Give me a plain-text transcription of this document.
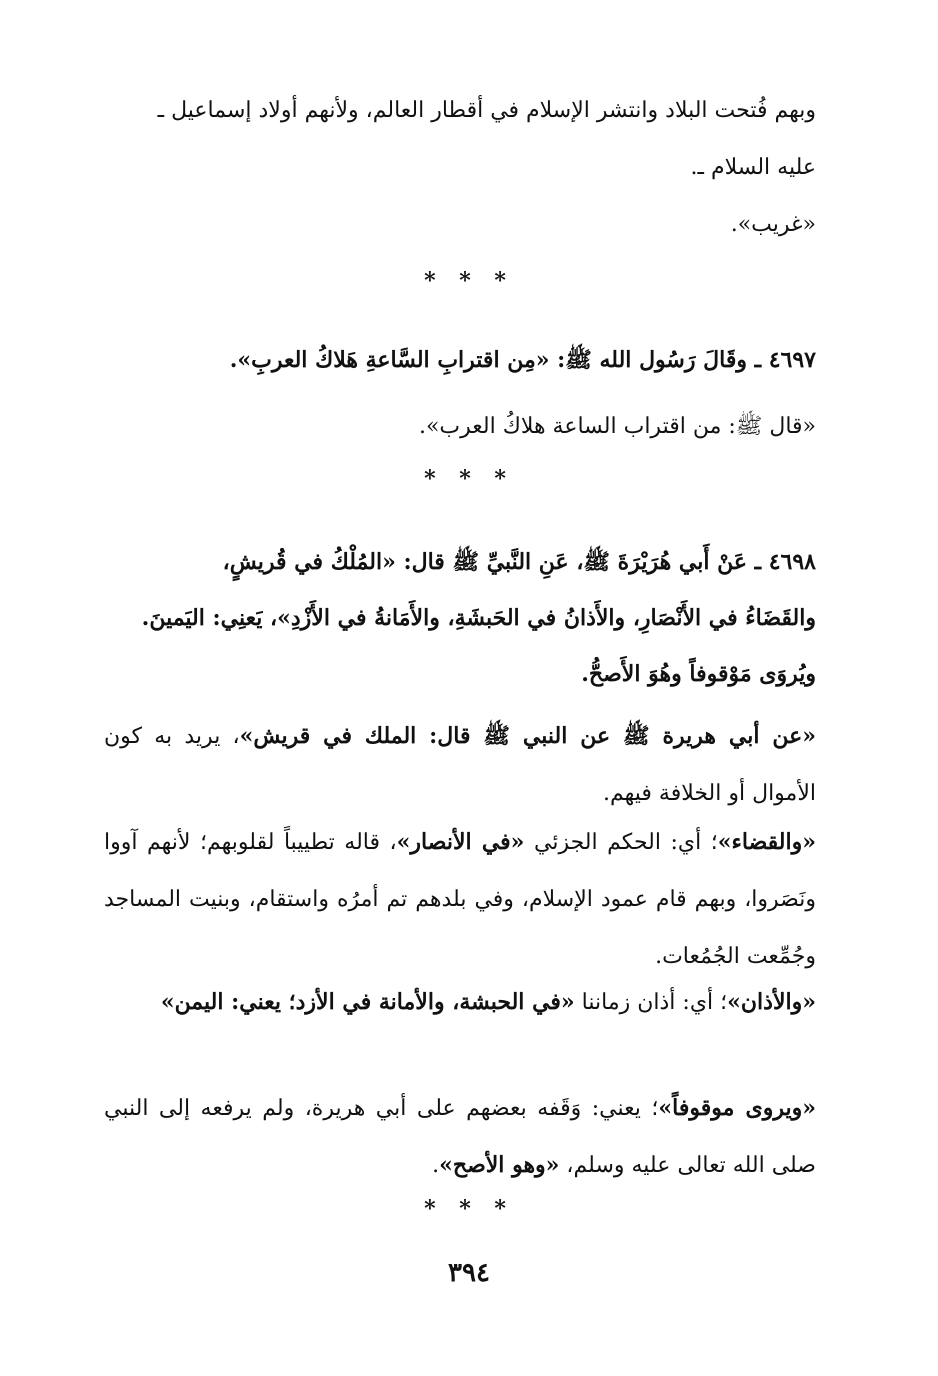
وبهم فُتحت البلاد وانتشر الإسلام في أقطار العالم، ولأنهم أولاد إسماعيل ـ
عليه السلام ـ.

«غريب».

* * *

٤٦٩٧ ـ وقَالَ رَسُول الله ﷺ: «مِن اقترابِ السَّاعةِ هَلاكُ العربِ».

«قال ﷺ: من اقتراب الساعة هلاكُ العرب».

* * *

٤٦٩٨ ـ عَنْ أَبي هُرَيْرَةَ ﷺ، عَنِ النَّبيِّ ﷺ قال: «المُلْكُ في قُريشٍ،
والقَضَاءُ في الأَنْصَارِ، والأَذانُ في الحَبشَةِ، والأَمَانةُ في الأَزْدِ»، يَعنِي: اليَمينَ.
ويُروَى مَوْقوفاً وهُوَ الأَصحُّ.

«عن أبي هريرة ﷺ عن النبي ﷺ قال: الملك في قريش»، يريد به كون الأموال أو الخلافة فيهم.

«والقضاء»؛ أي: الحكم الجزئي «في الأنصار»، قاله تطييباً لقلوبهم؛ لأنهم آووا ونَصَروا، وبهم قام عمود الإسلام، وفي بلدهم تم أمرُه واستقام، وبنيت المساجد وجُمِّعت الجُمُعات.

«والأذان»؛ أي: أذان زماننا «في الحبشة، والأمانة في الأزد؛ يعني: اليمن»

«ويروى موقوفاً»؛ يعني: وَقَفه بعضهم على أبي هريرة، ولم يرفعه إلى النبي صلى الله تعالى عليه وسلم، «وهو الأصح».

* * *

٣٩٤
